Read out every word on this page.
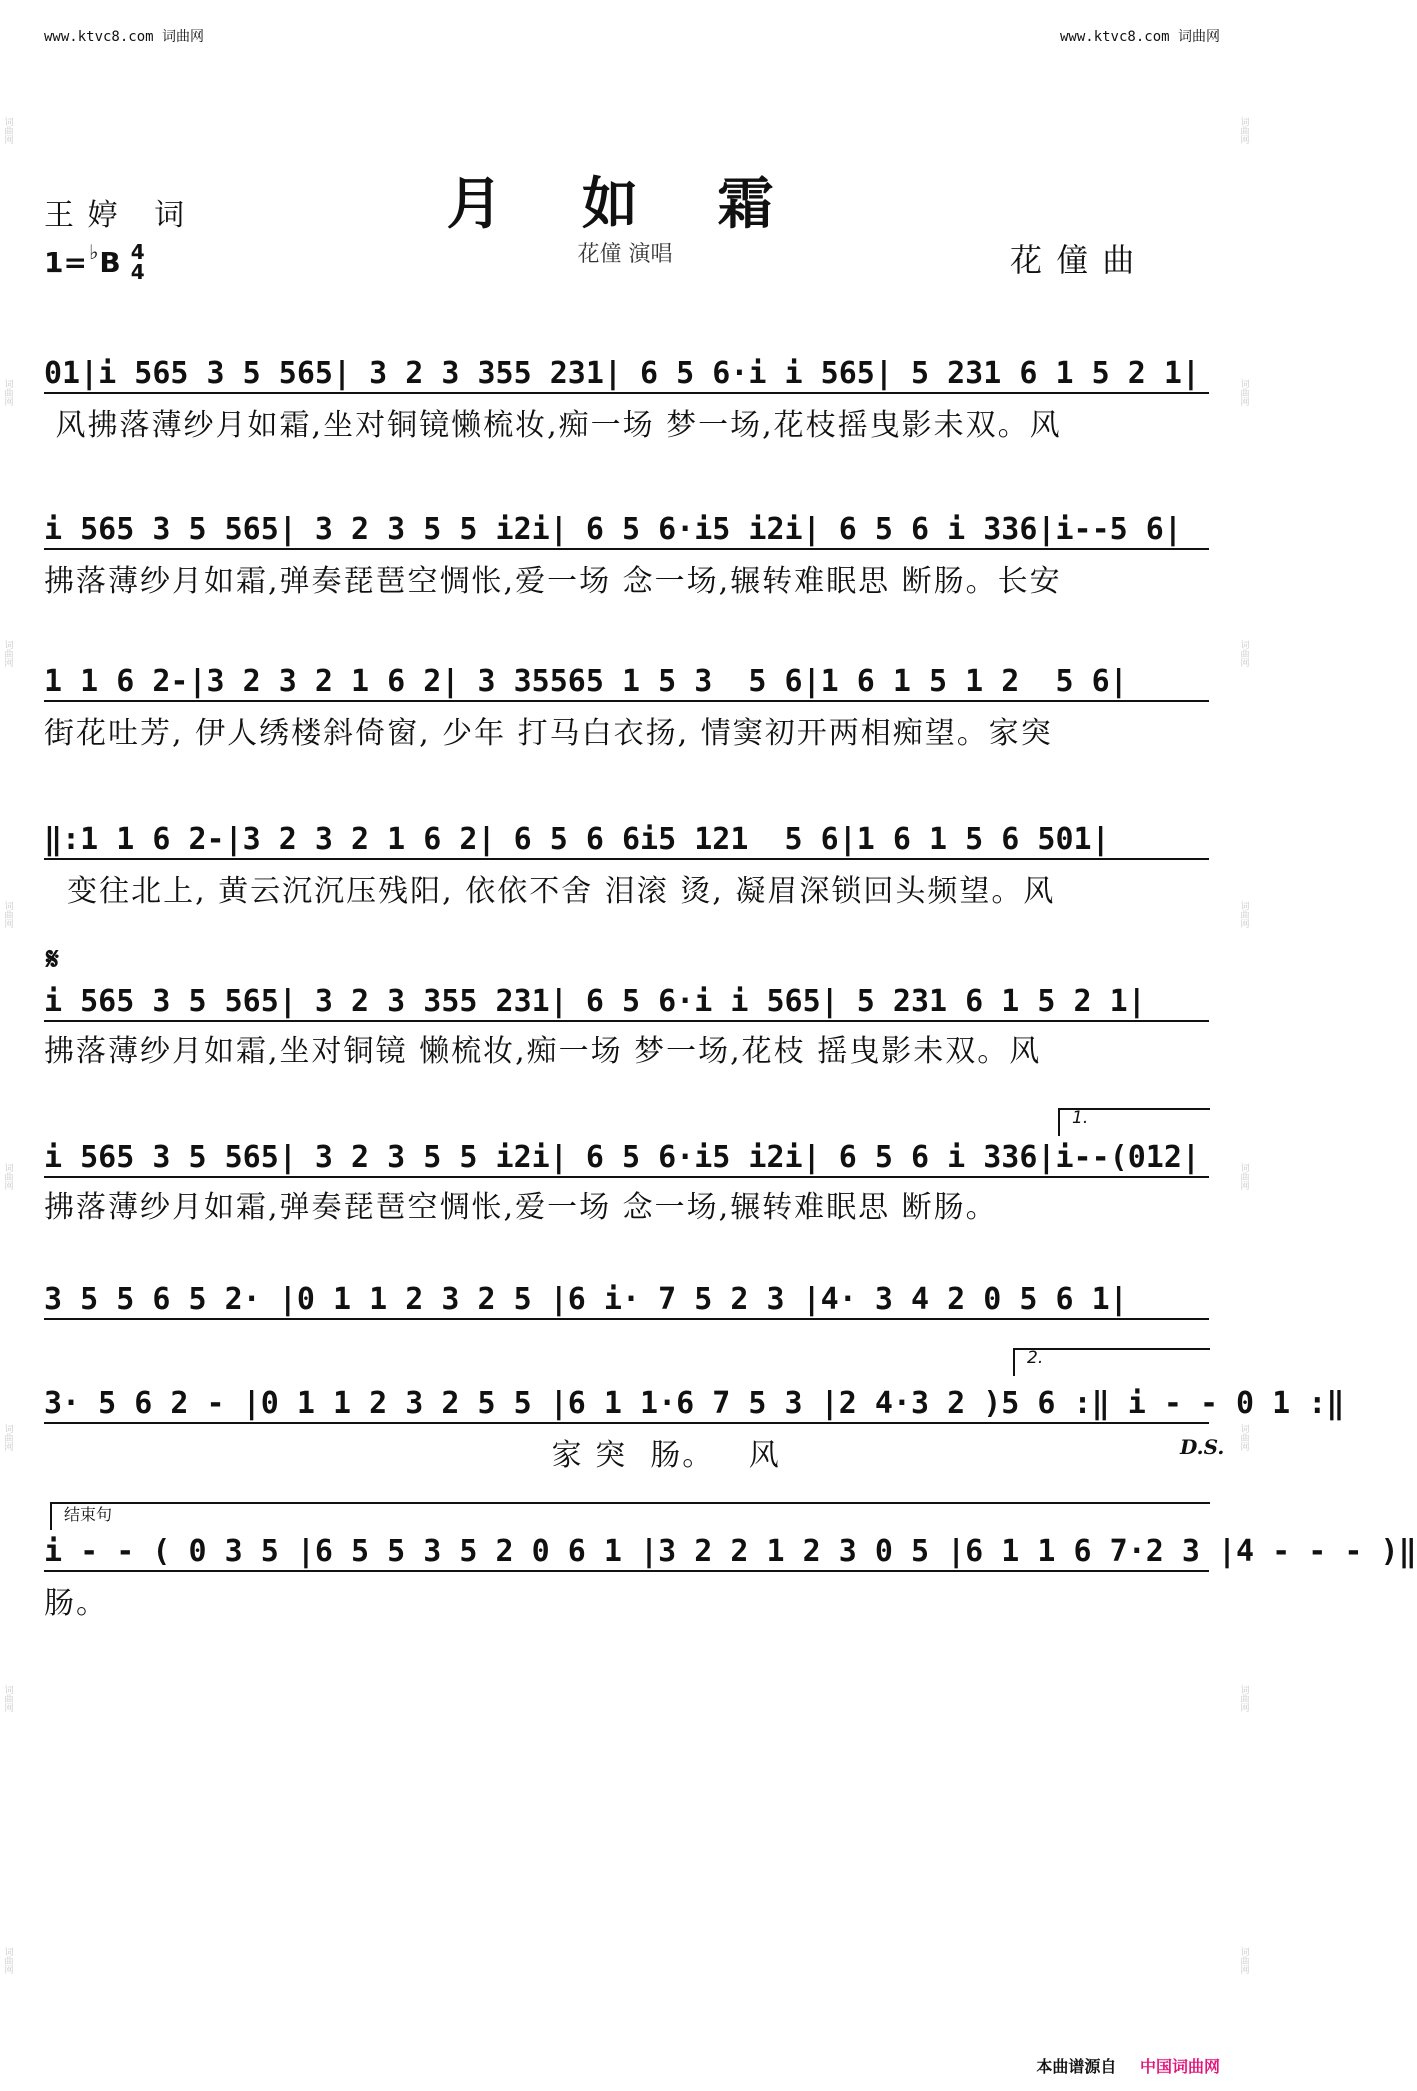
词曲网
词曲网
词曲网
词曲网
词曲网
词曲网
词曲网
词曲网
词曲网
词曲网
词曲网
词曲网
词曲网
词曲网
词曲网
词曲网
www.ktvc8.com 词曲网	www.ktvc8.com 词曲网
月 如 霜
花僮 演唱
王 婷   词
花 僮 曲
1= ♭ B 4
4
01|i 565 3 5 565| 3 2 3 355 231| 6 5 6·i i 565| 5 231 6 1 5 2 1|
风拂落薄纱月如霜,坐对铜镜懒梳妆,痴一场 梦一场,花枝摇曳影未双。风
i 565 3 5 565| 3 2 3 5 5 i2i| 6 5 6·i5 i2i| 6 5 6 i 336|i--5 6|
拂落薄纱月如霜,弹奏琵琶空惆怅,爱一场 念一场,辗转难眠思 断肠。长安
1 1 6 2-|3 2 3 2 1 6 2| 3 35565 1 5 3  5 6|1 6 1 5 1 2  5 6|
街花吐芳, 伊人绣楼斜倚窗, 少年 打马白衣扬, 情窦初开两相痴望。家突
‖:1 1 6 2-|3 2 3 2 1 6 2| 6 5 6 6i5 121  5 6|1 6 1 5 6 501|
变往北上, 黄云沉沉压残阳, 依依不舍 泪滚 烫, 凝眉深锁回头频望。风
𝄋
i 565 3 5 565| 3 2 3 355 231| 6 5 6·i i 565| 5 231 6 1 5 2 1|
拂落薄纱月如霜,坐对铜镜 懒梳妆,痴一场 梦一场,花枝 摇曳影未双。风
1.
i 565 3 5 565| 3 2 3 5 5 i2i| 6 5 6·i5 i2i| 6 5 6 i 336|i--(012|
拂落薄纱月如霜,弹奏琵琶空惆怅,爱一场 念一场,辗转难眠思 断肠。
3 5 5 6 5 2· |0 1 1 2 3 2 5 |6 i· 7 5 2 3 |4· 3 4 2 0 5 6 1|
2.
3· 5 6 2 - |0 1 1 2 3 2 5 5 |6 1 1·6 7 5 3 |2 4·3 2 )5 6 :‖ i - - 0 1 :‖
家 突  肠。   风	D.S.
结束句
i - - ( 0 3 5 |6 5 5 3 5 2 0 6 1 |3 2 2 1 2 3 0 5 |6 1 1 6 7·2 3 |4 - - - )‖
肠。
本曲谱源自 中国词曲网
